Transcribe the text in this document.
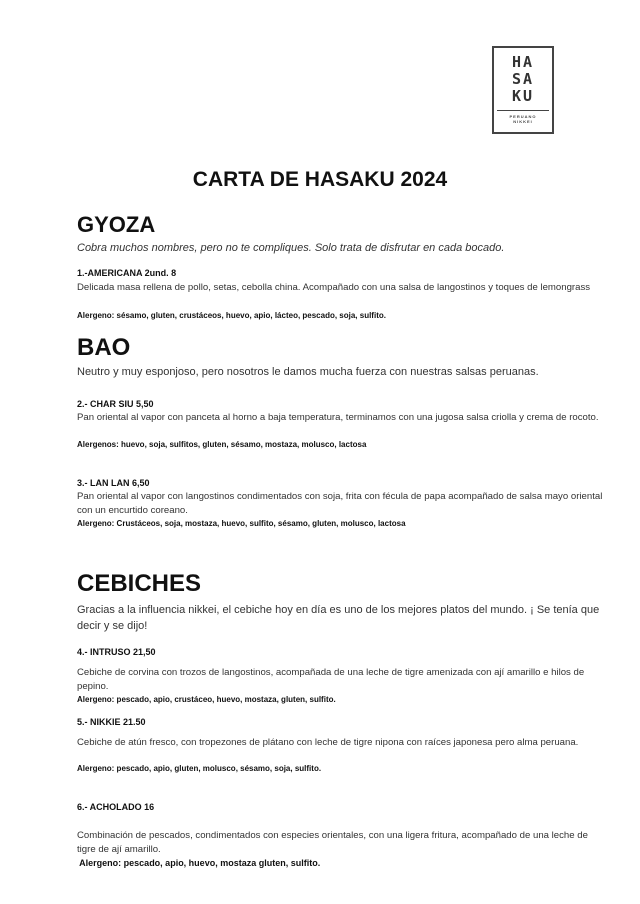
HA
SA
KU
PERUANO
NIKKEI
CARTA DE HASAKU 2024
GYOZA
Cobra muchos nombres, pero no te compliques. Solo trata de disfrutar en cada bocado.
1.-AMERICANA 2und. 8
Delicada masa rellena de pollo, setas, cebolla china. Acompañado con una salsa de langostinos y toques de lemongrass
Alergeno: sésamo, gluten, crustáceos, huevo, apio, lácteo, pescado, soja, sulfito.
BAO
Neutro y muy esponjoso, pero nosotros le damos mucha fuerza con nuestras salsas peruanas.
2.- CHAR SIU 5,50
Pan oriental al vapor con panceta al horno a baja temperatura, terminamos con una jugosa salsa criolla y crema de rocoto.
Alergenos: huevo, soja, sulfitos, gluten, sésamo, mostaza, molusco, lactosa
3.- LAN LAN 6,50
Pan oriental al vapor con langostinos condimentados con soja, frita con fécula de papa acompañado de salsa mayo oriental con un encurtido coreano.
Alergeno: Crustáceos, soja, mostaza, huevo, sulfito, sésamo, gluten, molusco, lactosa
CEBICHES
Gracias a la influencia nikkei, el cebiche hoy en día es uno de los mejores platos del mundo. ¡ Se tenía que decir y se dijo!
4.- INTRUSO 21,50
Cebiche de corvina con trozos de langostinos, acompañada de una leche de tigre amenizada con ají amarillo e hilos de pepino.
Alergeno: pescado, apio, crustáceo, huevo, mostaza, gluten, sulfito.
5.- NIKKIE 21.50
Cebiche de atún fresco, con tropezones de plátano con leche de tigre nipona con raíces japonesa pero alma peruana.
Alergeno: pescado, apio, gluten, molusco, sésamo, soja, sulfito.
6.- ACHOLADO 16
Combinación de pescados, condimentados con especies orientales, con una ligera fritura, acompañado de una leche de tigre de ají amarillo.
Alergeno: pescado, apio, huevo, mostaza gluten, sulfito.
